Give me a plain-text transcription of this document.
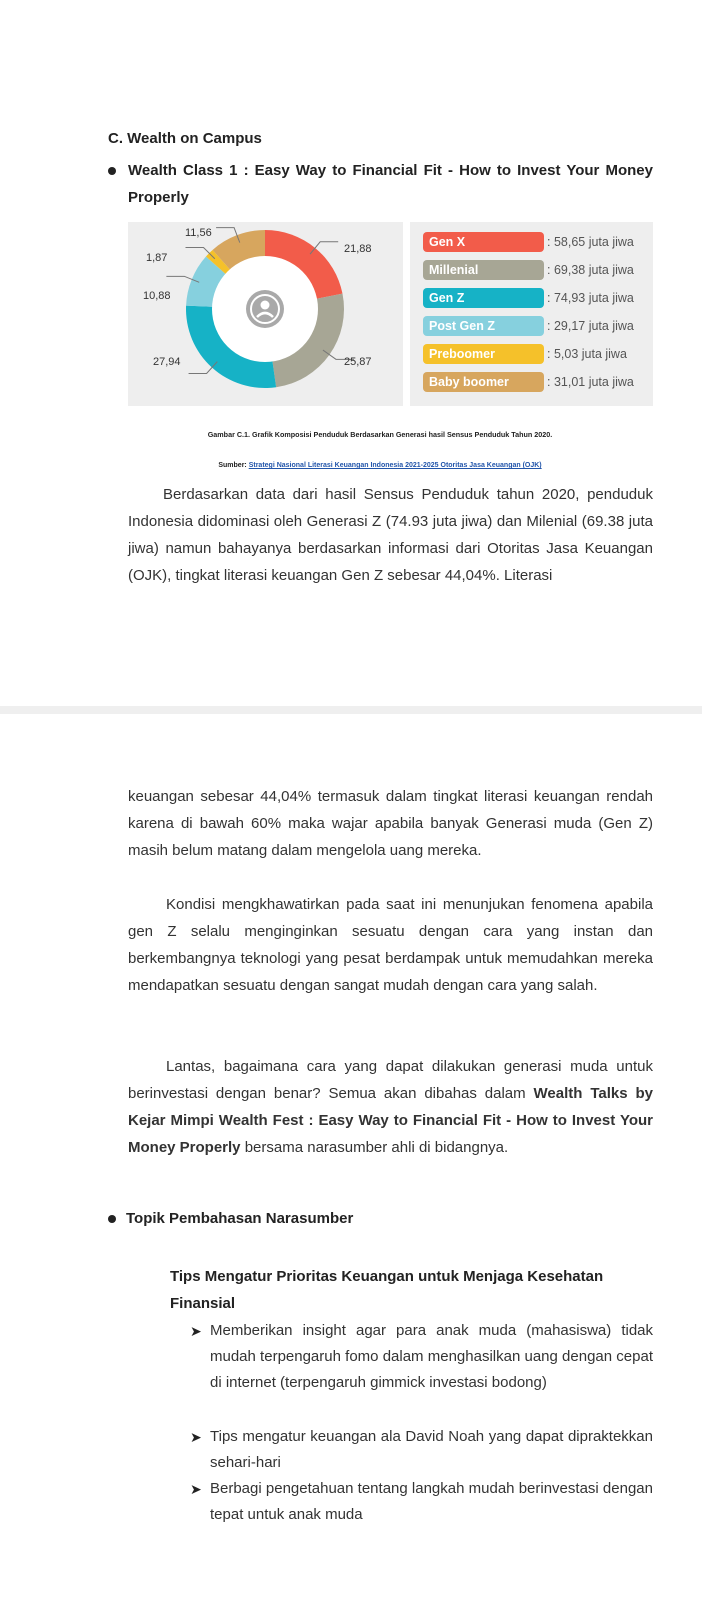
C. Wealth on Campus
Wealth Class 1 : Easy Way to Financial Fit - How to Invest Your Money Properly
21,88
25,87
27,94
10,88
1,87
11,56
Gen X	: 58,65 juta jiwa
Millenial	: 69,38 juta jiwa
Gen Z	: 74,93 juta jiwa
Post Gen Z	: 29,17 juta jiwa
Preboomer	: 5,03 juta jiwa
Baby boomer	: 31,01 juta jiwa
Gambar C.1. Grafik Komposisi Penduduk Berdasarkan Generasi hasil Sensus Penduduk Tahun 2020.
Sumber: Strategi Nasional Literasi Keuangan Indonesia 2021-2025 Otoritas Jasa Keuangan (OJK)
Berdasarkan data dari hasil Sensus Penduduk tahun 2020, penduduk Indonesia didominasi oleh Generasi Z (74.93 juta jiwa) dan Milenial (69.38 juta jiwa) namun bahayanya berdasarkan informasi dari Otoritas Jasa Keuangan (OJK), tingkat literasi keuangan Gen Z sebesar 44,04%. Literasi
keuangan sebesar 44,04% termasuk dalam tingkat literasi keuangan rendah karena di bawah 60% maka wajar apabila banyak Generasi muda (Gen Z) masih belum matang dalam mengelola uang mereka.
Kondisi mengkhawatirkan pada saat ini menunjukan fenomena apabila gen Z selalu menginginkan sesuatu dengan cara yang instan dan berkembangnya teknologi yang pesat berdampak untuk memudahkan mereka mendapatkan sesuatu dengan sangat mudah dengan cara yang salah.
Lantas, bagaimana cara yang dapat dilakukan generasi muda untuk berinvestasi dengan benar? Semua akan dibahas dalam Wealth Talks by Kejar Mimpi Wealth Fest : Easy Way to Financial Fit - How to Invest Your Money Properly bersama narasumber ahli di bidangnya.
Topik Pembahasan Narasumber
Tips Mengatur Prioritas Keuangan untuk Menjaga Kesehatan Finansial
➤ Memberikan insight agar para anak muda (mahasiswa) tidak mudah terpengaruh fomo dalam menghasilkan uang dengan cepat di internet (terpengaruh gimmick investasi bodong)
➤ Tips mengatur keuangan ala David Noah yang dapat dipraktekkan sehari-hari
➤ Berbagi pengetahuan tentang langkah mudah berinvestasi dengan tepat untuk anak muda
